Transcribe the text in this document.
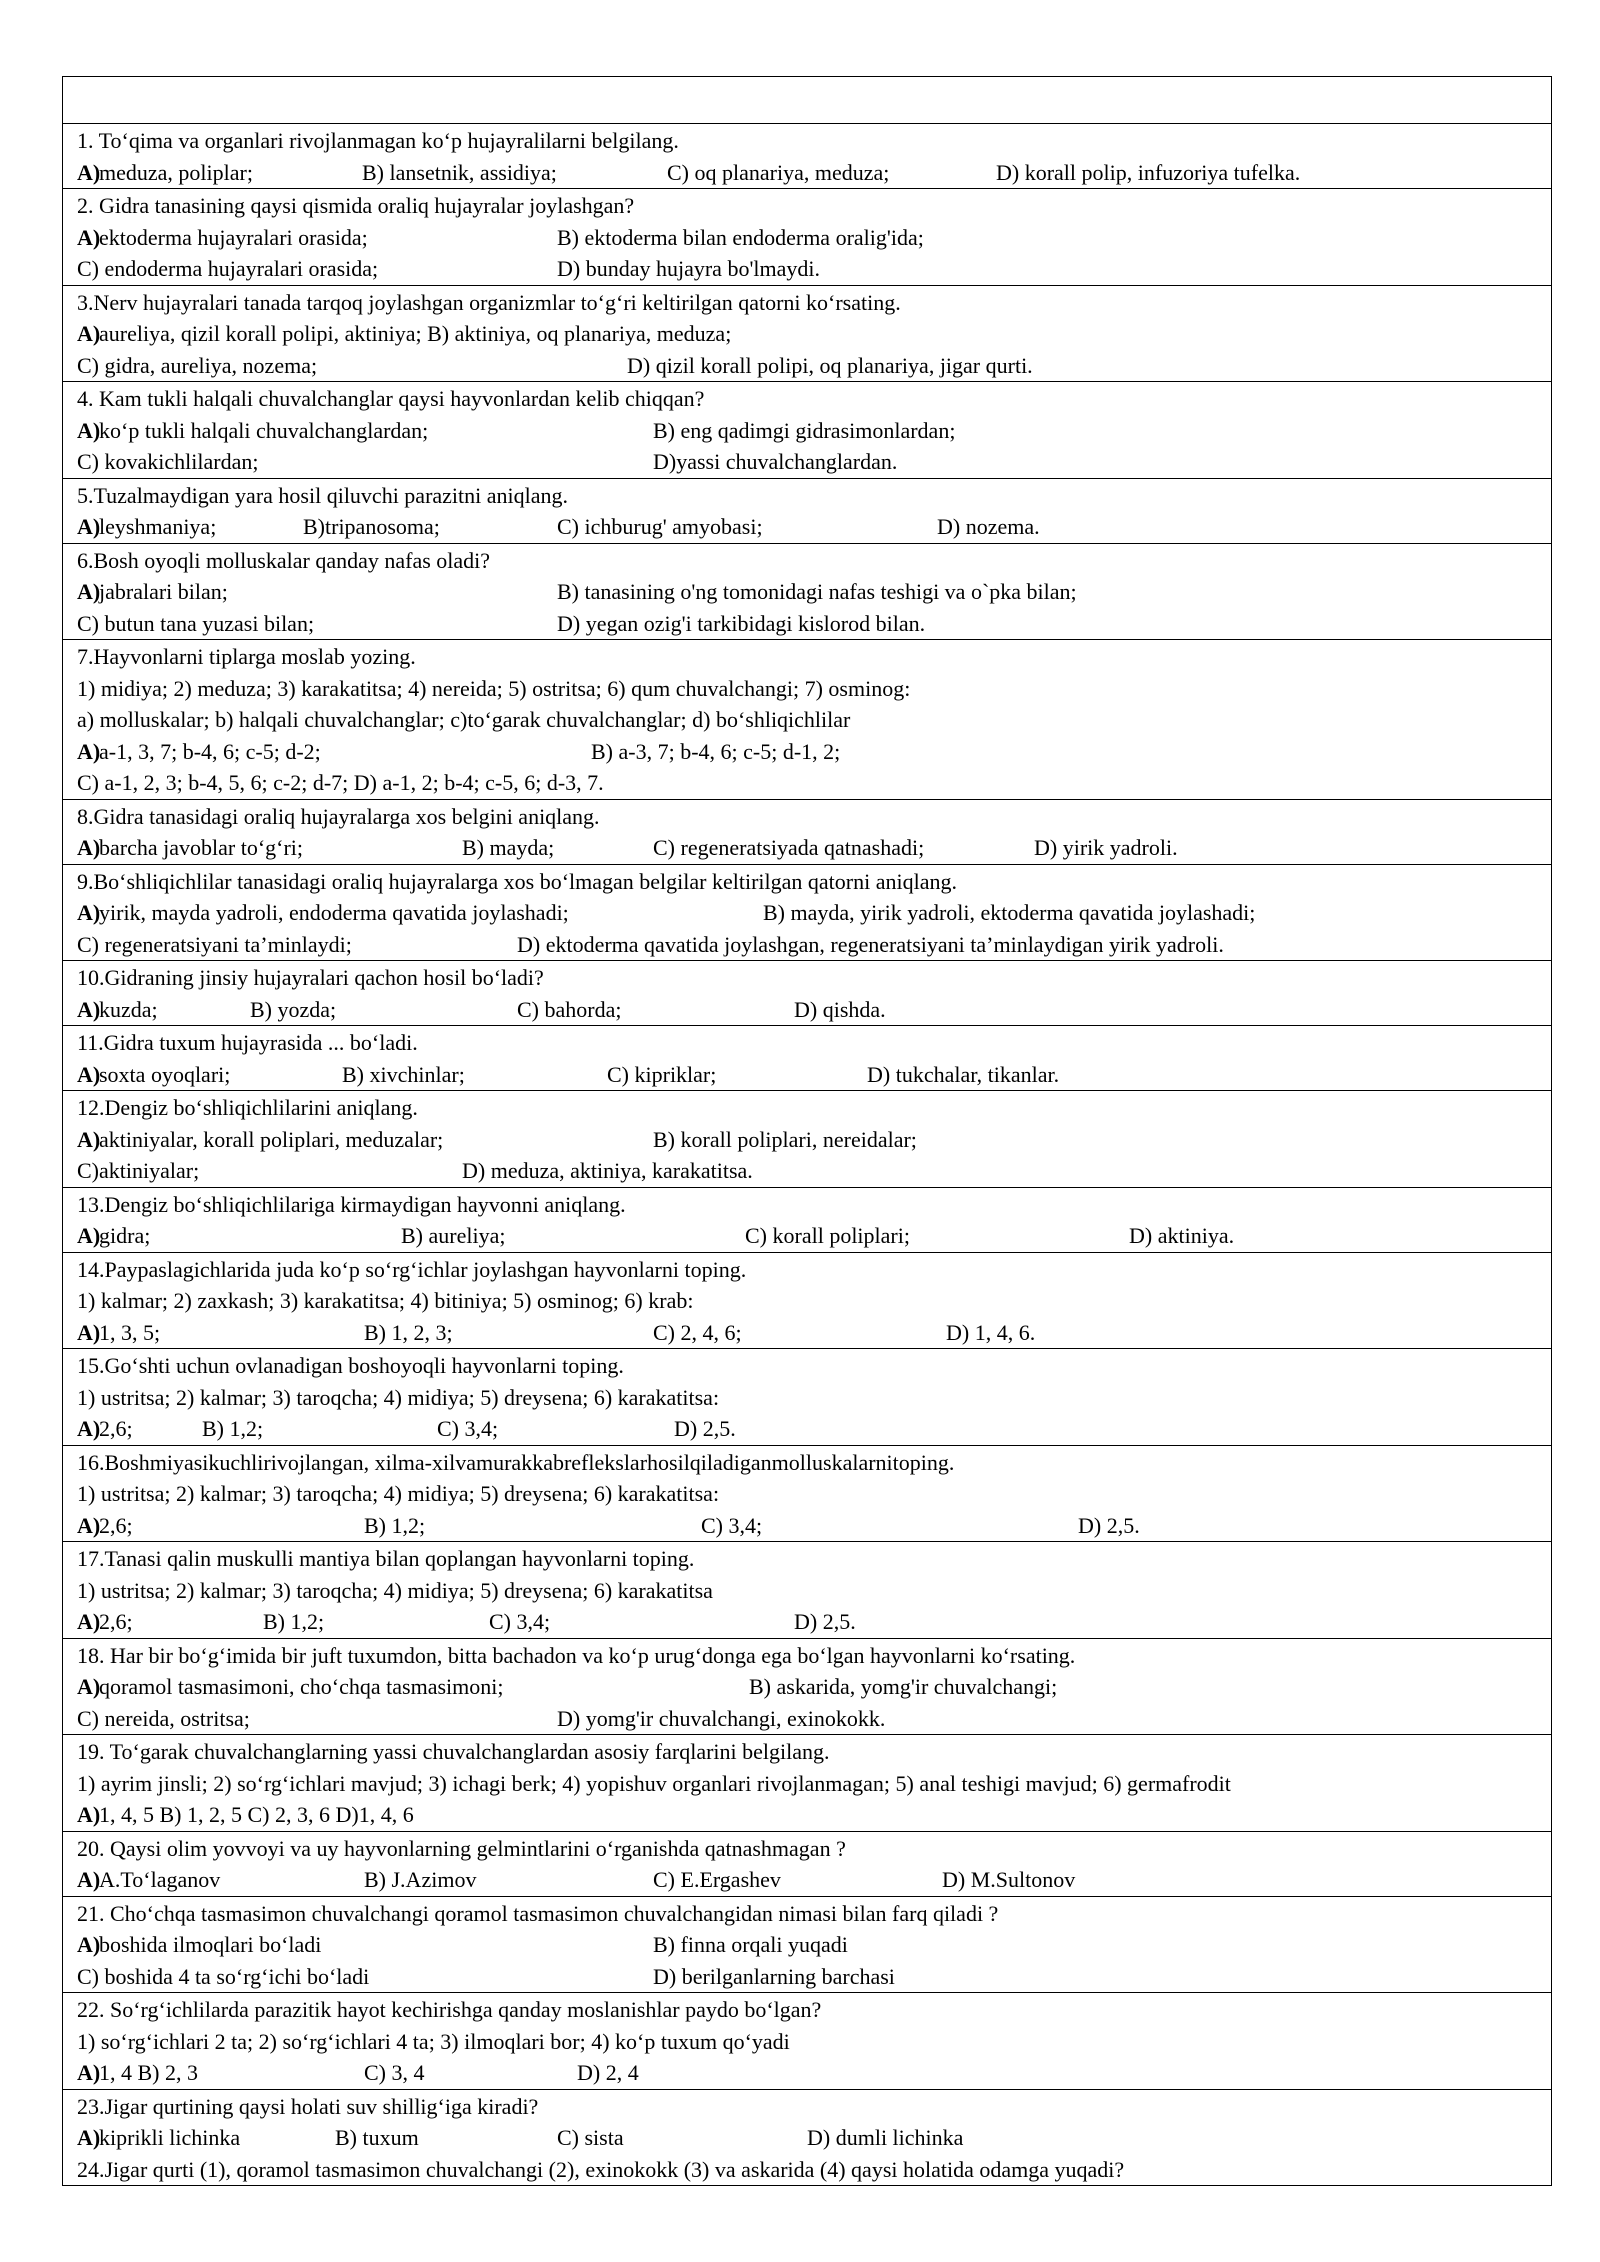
1. To‘qima va organlari rivojlanmagan ko‘p hujayralilarni belgilang.
A)
meduza, poliplar;	B) lansetnik, assidiya;	C) oq planariya, meduza;	D) korall polip, infuzoriya tufelka.
2. Gidra tanasining qaysi qismida oraliq hujayralar joylashgan?
A)
ektoderma hujayralari orasida;	B) ektoderma bilan endoderma oralig'ida;
C) endoderma hujayralari orasida;	D) bunday hujayra bo'lmaydi.
3.Nerv hujayralari tanada tarqoq joylashgan organizmlar to‘g‘ri keltirilgan qatorni ko‘rsating.
A)
aureliya, qizil korall polipi, aktiniya; B) aktiniya, oq planariya, meduza;
C) gidra, aureliya, nozema;	D) qizil korall polipi, oq planariya, jigar qurti.
4. Kam tukli halqali chuvalchanglar qaysi hayvonlardan kelib chiqqan?
A)
ko‘p tukli halqali chuvalchanglardan;	B) eng qadimgi gidrasimonlardan;
C) kovakichlilardan;	D)yassi chuvalchanglardan.
5.Tuzalmaydigan yara hosil qiluvchi parazitni aniqlang.
A)
leyshmaniya;	B)tripanosoma;	C) ichburug' amyobasi;	D) nozema.
6.Bosh oyoqli molluskalar qanday nafas oladi?
A)
jabralari bilan;	B) tanasining o'ng tomonidagi nafas teshigi va o`pka bilan;
C) butun tana yuzasi bilan;	D) yegan ozig'i tarkibidagi kislorod bilan.
7.Hayvonlarni tiplarga moslab yozing.
1) midiya; 2) meduza; 3) karakatitsa; 4) nereida; 5) ostritsa; 6) qum chuvalchangi; 7) osminog:
a) molluskalar; b) halqali chuvalchanglar; c)to‘garak chuvalchanglar; d) bo‘shliqichlilar
A)
a-1, 3, 7; b-4, 6; c-5; d-2;	B) a-3, 7; b-4, 6; c-5; d-1, 2;
C) a-1, 2, 3; b-4, 5, 6; c-2; d-7; D) a-1, 2; b-4; c-5, 6; d-3, 7.
8.Gidra tanasidagi oraliq hujayralarga xos belgini aniqlang.
A)
barcha javoblar to‘g‘ri;	B) mayda;	C) regeneratsiyada qatnashadi;	D) yirik yadroli.
9.Bo‘shliqichlilar tanasidagi oraliq hujayralarga xos bo‘lmagan belgilar keltirilgan qatorni aniqlang.
A)
yirik, mayda yadroli, endoderma qavatida joylashadi;	B) mayda, yirik yadroli, ektoderma qavatida joylashadi;
C) regeneratsiyani ta’minlaydi;	D) ektoderma qavatida joylashgan, regeneratsiyani ta’minlaydigan yirik yadroli.
10.Gidraning jinsiy hujayralari qachon hosil bo‘ladi?
A)
kuzda;	B) yozda;	C) bahorda;	D) qishda.
11.Gidra tuxum hujayrasida ... bo‘ladi.
A)
soxta oyoqlari;	B) xivchinlar;	C) kipriklar;	D) tukchalar, tikanlar.
12.Dengiz bo‘shliqichlilarini aniqlang.
A)
aktiniyalar, korall poliplari, meduzalar;	B) korall poliplari, nereidalar;
C)aktiniyalar;	D) meduza, aktiniya, karakatitsa.
13.Dengiz bo‘shliqichlilariga kirmaydigan hayvonni aniqlang.
A)
gidra;	B) aureliya;	C) korall poliplari;	D) aktiniya.
14.Paypaslagichlarida juda ko‘p so‘rg‘ichlar joylashgan hayvonlarni toping.
1) kalmar; 2) zaxkash; 3) karakatitsa; 4) bitiniya; 5) osminog; 6) krab:
A)
1, 3, 5;	B) 1, 2, 3;	C) 2, 4, 6;	D) 1, 4, 6.
15.Go‘shti uchun ovlanadigan boshoyoqli hayvonlarni toping.
1) ustritsa; 2) kalmar; 3) taroqcha; 4) midiya; 5) dreysena; 6) karakatitsa:
A)
2,6;	B) 1,2;	C) 3,4;	D) 2,5.
16.Boshmiyasikuchlirivojlangan, xilma-xilvamurakkabreflekslarhosilqiladiganmolluskalarnitoping.
1) ustritsa; 2) kalmar; 3) taroqcha; 4) midiya; 5) dreysena; 6) karakatitsa:
A)
2,6;	B) 1,2;	C) 3,4;	D) 2,5.
17.Tanasi qalin muskulli mantiya bilan qoplangan hayvonlarni toping.
1) ustritsa; 2) kalmar; 3) taroqcha; 4) midiya; 5) dreysena; 6) karakatitsa
A)
2,6;	B) 1,2;	C) 3,4;	D) 2,5.
18. Har bir bo‘g‘imida bir juft tuxumdon, bitta bachadon va ko‘p urug‘donga ega bo‘lgan hayvonlarni ko‘rsating.
A)
qoramol tasmasimoni, cho‘chqa tasmasimoni;	B) askarida, yomg'ir chuvalchangi;
C) nereida, ostritsa;	D) yomg'ir chuvalchangi, exinokokk.
19. To‘garak chuvalchanglarning yassi chuvalchanglardan asosiy farqlarini belgilang.
1) ayrim jinsli; 2) so‘rg‘ichlari mavjud; 3) ichagi berk; 4) yopishuv organlari rivojlanmagan; 5) anal teshigi mavjud; 6) germafrodit
A)
1, 4, 5 B) 1, 2, 5 C) 2, 3, 6 D)1, 4, 6
20. Qaysi olim yovvoyi va uy hayvonlarning gelmintlarini o‘rganishda qatnashmagan ?
A)
A.To‘laganov	B) J.Azimov	C) E.Ergashev	D) M.Sultonov
21. Cho‘chqa tasmasimon chuvalchangi qoramol tasmasimon chuvalchangidan nimasi bilan farq qiladi ?
A)
boshida ilmoqlari bo‘ladi	B) finna orqali yuqadi
C) boshida 4 ta so‘rg‘ichi bo‘ladi	D) berilganlarning barchasi
22. So‘rg‘ichlilarda parazitik hayot kechirishga qanday moslanishlar paydo bo‘lgan?
1) so‘rg‘ichlari 2 ta; 2) so‘rg‘ichlari 4 ta; 3) ilmoqlari bor; 4) ko‘p tuxum qo‘yadi
A)
1, 4 B) 2, 3	C) 3, 4	D) 2, 4
23.Jigar qurtining qaysi holati suv shillig‘iga kiradi?
A)
kiprikli lichinka	B) tuxum	C) sista	D) dumli lichinka
24.Jigar qurti (1), qoramol tasmasimon chuvalchangi (2), exinokokk (3) va askarida (4) qaysi holatida odamga yuqadi?
